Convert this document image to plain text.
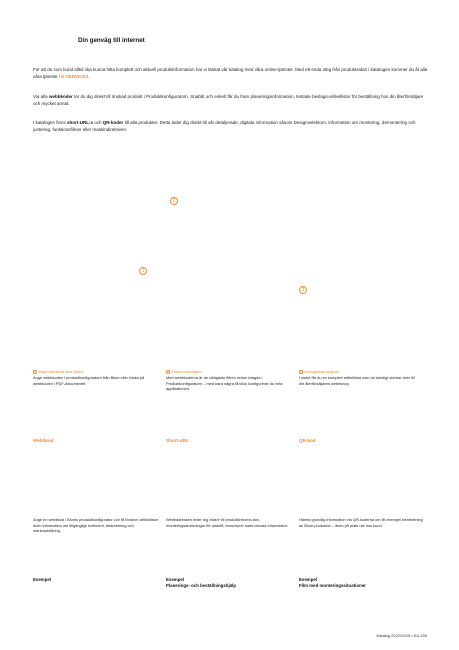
Din genväg till internet

För att du som kund alltid ska kunna hitta komplett och aktuell produktinformation har vi länkat vår katalog med våra online-tjänster. Med ett enda steg från produktsidan i katalogen kommer du åt alla våra tjänster i E-SERVICES.

Via alla webbkoder tar du dig direkt till önskad produkt i Produktkonfiguratorn. Snabbt och enkelt får du fram planeringsinformation, testade beslags-artikellistor för beställning hos din återförsäljare och mycket annat.

I katalogen finns short-URL:s och QR-koder till alla produkter. Detta leder dig direkt till vår detaljerade, digitala information såsom Designselektorn, information om montering, demontering och justering, funktionsfilmer eller maskindirektiven.

1
2
3

1 Ange webbkod eller klicka

Ange webbkoden i produktkonfiguratorn från Blum eller klicka på webbkoden i PDF-dokumentet.

2 Planera beslagen

Med webbkoderna är de viktigaste filtren redan inlagda i Produktkonfiguratorn – med bara några få klick konfigurerar du hela applikationen.

3 Beslagslista skapas

I slutet får du en komplett artikellista som du smidigt skickar över till din återförsäljares webbshop.

Webbkod	Short-URL	QR-kod

Ange en webbkod i Blums produktkonfigurator och få förutom artikellistor även information om tillgängligt sortiment, bearbetning och marknadsföring.

Webbadressen leder dig vidare till produktinforma-tion, monteringsanvisningar för utskrift, broschyrer samt teknisk information.

Hämta grundlig information via QR-koderna om till exempel bearbetning av Blum-produkter – även på plats ute hos kund.

Exempel	Exempel
Planerings- och beställningshjälp

Exempel
Film med monteringssituationer

Katalog 2022/2023 • KA-150
